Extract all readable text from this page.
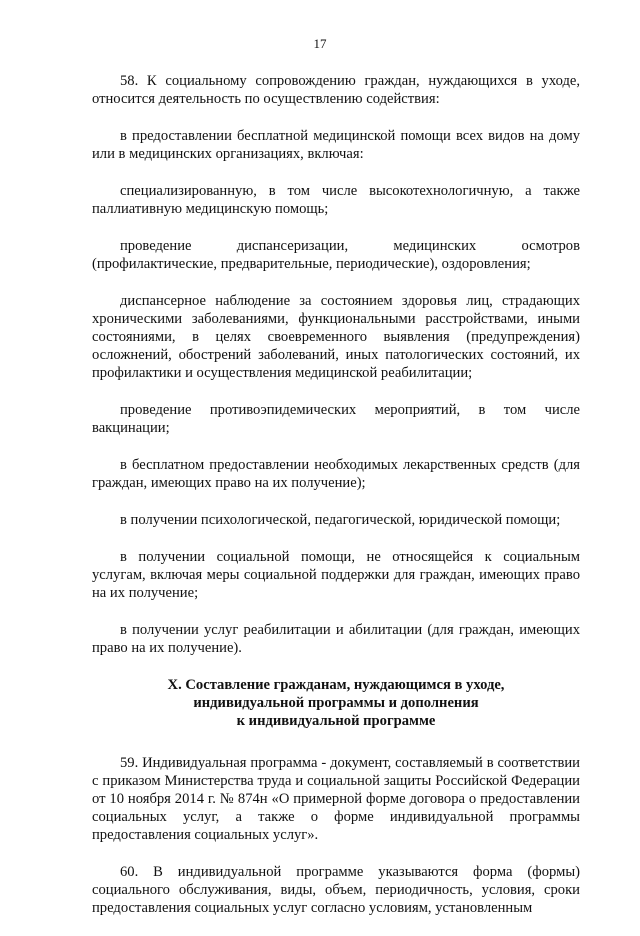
17

58. К социальному сопровождению граждан, нуждающихся в уходе, относится деятельность по осуществлению содействия:

в предоставлении бесплатной медицинской помощи всех видов на дому или в медицинских организациях, включая:

специализированную, в том числе высокотехнологичную, а также паллиативную медицинскую помощь;

проведение диспансеризации, медицинских осмотров (профилактические, предварительные, периодические), оздоровления;

диспансерное наблюдение за состоянием здоровья лиц, страдающих хроническими заболеваниями, функциональными расстройствами, иными состояниями, в целях своевременного выявления (предупреждения) осложнений, обострений заболеваний, иных патологических состояний, их профилактики и осуществления медицинской реабилитации;

проведение противоэпидемических мероприятий, в том числе вакцинации;

в бесплатном предоставлении необходимых лекарственных средств (для граждан, имеющих право на их получение);

в получении психологической, педагогической, юридической помощи;

в получении социальной помощи, не относящейся к социальным услугам, включая меры социальной поддержки для граждан, имеющих право на их получение;

в получении услуг реабилитации и абилитации (для граждан, имеющих право на их получение).

X. Составление гражданам, нуждающимся в уходе,
индивидуальной программы и дополнения
к индивидуальной программе

59. Индивидуальная программа - документ, составляемый в соответствии с приказом Министерства труда и социальной защиты Российской Федерации от 10 ноября 2014 г. № 874н «О примерной форме договора о предоставлении социальных услуг, а также о форме индивидуальной программы предоставления социальных услуг».

60. В индивидуальной программе указываются форма (формы) социального обслуживания, виды, объем, периодичность, условия, сроки предоставления социальных услуг согласно условиям, установленным
